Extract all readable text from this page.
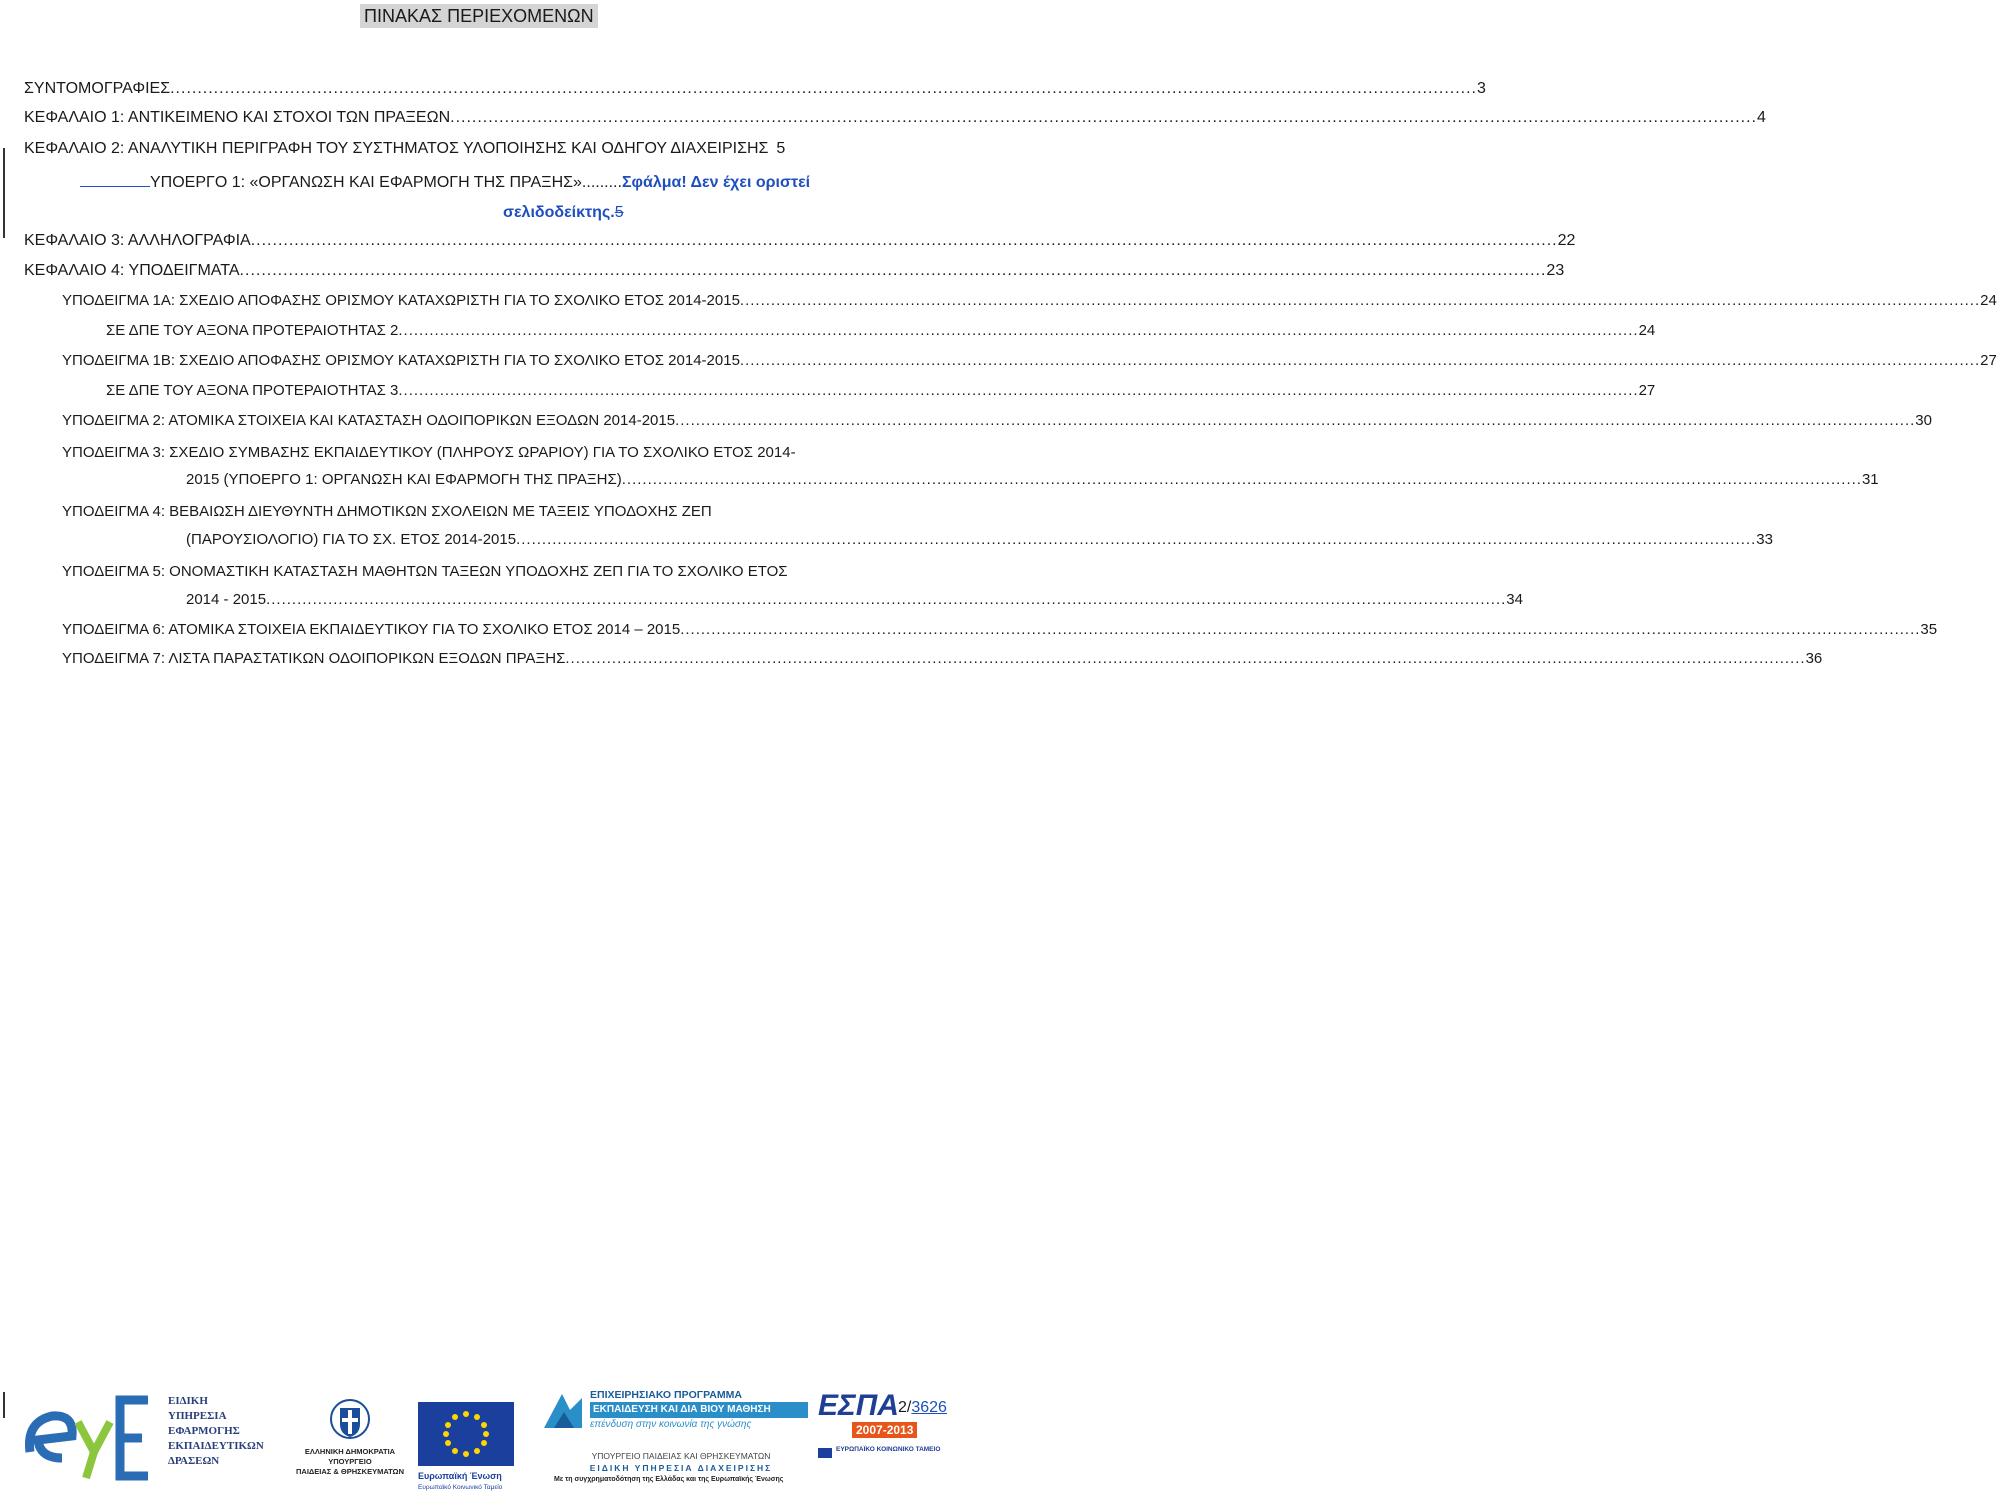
ΠΙΝΑΚΑΣ ΠΕΡΙΕΧΟΜΕΝΩΝ
ΣΥΝΤΟΜΟΓΡΑΦΙΕΣ ................................................................................................................................................................................................................................................ 3
ΚΕΦΑΛΑΙΟ 1: ΑΝΤΙΚΕΙΜΕΝΟ ΚΑΙ ΣΤΟΧΟΙ ΤΩΝ ΠΡΑΞΕΩΝ ................................................................................................................................................................................................................................................ 4
ΚΕΦΑΛΑΙΟ 2: ΑΝΑΛΥΤΙΚΗ ΠΕΡΙΓΡΑΦΗ ΤΟΥ ΣΥΣΤΗΜΑΤΟΣ ΥΛΟΠΟΙΗΣΗΣ ΚΑΙ ΟΔΗΓΟΥ ΔΙΑΧΕΙΡΙΣΗΣ 5
ΥΠΟΕΡΓΟ 1: «ΟΡΓΑΝΩΣΗ ΚΑΙ ΕΦΑΡΜΟΓΗ ΤΗΣ ΠΡΑΞΗΣ».........Σφάλμα! Δεν έχει οριστεί
σελιδοδείκτης.5
ΚΕΦΑΛΑΙΟ 3: ΑΛΛΗΛΟΓΡΑΦΙΑ ................................................................................................................................................................................................................................................ 22
ΚΕΦΑΛΑΙΟ 4: ΥΠΟΔΕΙΓΜΑΤΑ ................................................................................................................................................................................................................................................ 23
ΥΠΟΔΕΙΓΜΑ 1Α: ΣΧΕΔΙΟ ΑΠΟΦΑΣΗΣ ΟΡΙΣΜΟΥ ΚΑΤΑΧΩΡΙΣΤΗ ΓΙΑ ΤΟ ΣΧΟΛΙΚΟ ΕΤΟΣ 2014-2015 ................................................................................................................................................................................................................................................ 24
ΣΕ ΔΠΕ ΤΟΥ ΑΞΟΝΑ ΠΡΟΤΕΡΑΙΟΤΗΤΑΣ 2 ................................................................................................................................................................................................................................................ 24
ΥΠΟΔΕΙΓΜΑ 1Β: ΣΧΕΔΙΟ ΑΠΟΦΑΣΗΣ ΟΡΙΣΜΟΥ ΚΑΤΑΧΩΡΙΣΤΗ ΓΙΑ ΤΟ ΣΧΟΛΙΚΟ ΕΤΟΣ 2014-2015 ................................................................................................................................................................................................................................................ 27
ΣΕ ΔΠΕ ΤΟΥ ΑΞΟΝΑ ΠΡΟΤΕΡΑΙΟΤΗΤΑΣ 3 ................................................................................................................................................................................................................................................ 27
ΥΠΟΔΕΙΓΜΑ 2: ΑΤΟΜΙΚΑ ΣΤΟΙΧΕΙΑ ΚΑΙ ΚΑΤΑΣΤΑΣΗ ΟΔΟΙΠΟΡΙΚΩΝ ΕΞΟΔΩΝ 2014-2015 ................................................................................................................................................................................................................................................ 30
ΥΠΟΔΕΙΓΜΑ 3: ΣΧΕΔΙΟ ΣΥΜΒΑΣΗΣ ΕΚΠΑΙΔΕΥΤΙΚΟΥ (ΠΛΗΡΟΥΣ ΩΡΑΡΙΟΥ) ΓΙΑ ΤΟ ΣΧΟΛΙΚΟ ΕΤΟΣ 2014-
2015 (ΥΠΟΕΡΓΟ 1: ΟΡΓΑΝΩΣΗ ΚΑΙ ΕΦΑΡΜΟΓΗ ΤΗΣ ΠΡΑΞΗΣ) ................................................................................................................................................................................................................................................ 31
ΥΠΟΔΕΙΓΜΑ 4: ΒΕΒΑΙΩΣΗ ΔΙΕΥΘΥΝΤΗ ΔΗΜΟΤΙΚΩΝ ΣΧΟΛΕΙΩΝ ΜΕ ΤΑΞΕΙΣ ΥΠΟΔΟΧΗΣ ΖΕΠ
(ΠΑΡΟΥΣΙΟΛΟΓΙΟ) ΓΙΑ ΤΟ ΣΧ. ΕΤΟΣ 2014-2015 ................................................................................................................................................................................................................................................ 33
ΥΠΟΔΕΙΓΜΑ 5: ΟΝΟΜΑΣΤΙΚΗ ΚΑΤΑΣΤΑΣΗ ΜΑΘΗΤΩΝ ΤΑΞΕΩΝ ΥΠΟΔΟΧΗΣ ΖΕΠ ΓΙΑ ΤΟ ΣΧΟΛΙΚΟ ΕΤΟΣ
2014 - 2015 ................................................................................................................................................................................................................................................ 34
ΥΠΟΔΕΙΓΜΑ 6: ΑΤΟΜΙΚΑ ΣΤΟΙΧΕΙΑ ΕΚΠΑΙΔΕΥΤΙΚΟΥ ΓΙΑ ΤΟ ΣΧΟΛΙΚΟ ΕΤΟΣ 2014 – 2015 ................................................................................................................................................................................................................................................ 35
ΥΠΟΔΕΙΓΜΑ 7: ΛΙΣΤΑ ΠΑΡΑΣΤΑΤΙΚΩΝ ΟΔΟΙΠΟΡΙΚΩΝ ΕΞΟΔΩΝ ΠΡΑΞΗΣ ................................................................................................................................................................................................................................................ 36
ΕΙΔΙΚΗ
ΥΠΗΡΕΣΙΑ
ΕΦΑΡΜΟΓΗΣ
ΕΚΠΑΙΔΕΥΤΙΚΩΝ
ΔΡΑΣΕΩΝ
ΕΛΛΗΝΙΚΗ ΔΗΜΟΚΡΑΤΙΑ
ΥΠΟΥΡΓΕΙΟ
ΠΑΙΔΕΙΑΣ & ΘΡΗΣΚΕΥΜΑΤΩΝ	Ευρωπαϊκή Ένωση
Ευρωπαϊκό Κοινωνικό Ταμείο
ΕΠΙΧΕΙΡΗΣΙΑΚΟ ΠΡΟΓΡΑΜΜΑ
ΕΚΠΑΙΔΕΥΣΗ ΚΑΙ ΔΙΑ ΒΙΟΥ ΜΑΘΗΣΗ
επένδυση στην κοινωνία της γνώσης
ΥΠΟΥΡΓΕΙΟ ΠΑΙΔΕΙΑΣ ΚΑΙ ΘΡΗΣΚΕΥΜΑΤΩΝ
ΕΙΔΙΚΗ ΥΠΗΡΕΣΙΑ ΔΙΑΧΕΙΡΙΣΗΣ
Με τη συγχρηματοδότηση της Ελλάδας και της Ευρωπαϊκής Ένωσης
ΕΣΠΑ
2007-2013
ΕΥΡΩΠΑΪΚΟ ΚΟΙΝΩΝΙΚΟ ΤΑΜΕΙΟ
2/3626
